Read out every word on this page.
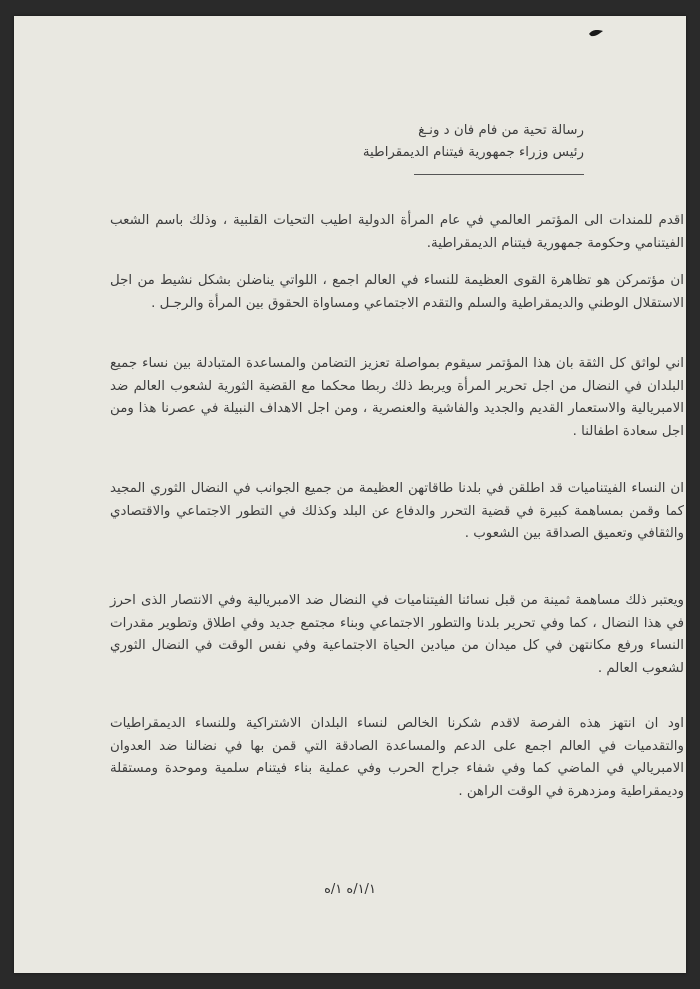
رسالة تحية من فام فان د ونـغ
رئيس وزراء جمهورية فيتنام الديمقراطية

اقدم للمندات الى المؤتمر العالمي في عام المرأة الدولية اطيب التحيات القلبية ، وذلك باسم الشعب الفيتنامي وحكومة جمهورية فيتنام الديمقراطية.

ان مؤتمركن هو تظاهرة القوى العظيمة للنساء في العالم اجمع ، اللواتي يناضلن بشكل نشيط من اجل الاستقلال الوطني والديمقراطية والسلم والتقدم الاجتماعي ومساواة الحقوق بين المرأة والرجـل .

اني لواثق كل الثقة بان هذا المؤتمر سيقوم بمواصلة تعزيز التضامن والمساعدة المتبادلة بين نساء جميع البلدان في النضال من اجل تحرير المرأة ويربط ذلك ربطا محكما مع القضية الثورية لشعوب العالم ضد الامبريالية والاستعمار القديم والجديد والفاشية والعنصرية ، ومن اجل الاهداف النبيلة في عصرنا هذا ومن اجل سعادة اطفالنا .

ان النساء الفيتناميات قد اطلقن في بلدنا طاقاتهن العظيمة من جميع الجوانب في النضال الثوري المجيد كما وقمن بمساهمة كبيرة في قضية التحرر والدفاع عن البلد وكذلك في التطور الاجتماعي والاقتصادي والثقافي وتعميق الصداقة بين الشعوب .

ويعتبر ذلك مساهمة ثمينة من قبل نسائنا الفيتناميات في النضال ضد الامبريالية وفي الانتصار الذى احرز في هذا النضال ، كما وفي تحرير بلدنا والتطور الاجتماعي وبناء مجتمع جديد وفي اطلاق وتطوير مقدرات النساء ورفع مكانتهن في كل ميدان من ميادين الحياة الاجتماعية وفي نفس الوقت في النضال الثوري لشعوب العالم .

اود ان انتهز هذه الفرصة لاقدم شكرنا الخالص لنساء البلدان الاشتراكية وللنساء الديمقراطيات والتقدميات في العالم اجمع على الدعم والمساعدة الصادقة التي قمن بها في نضالنا ضد العدوان الامبريالي في الماضي كما وفي شفاء جراح الحرب وفي عملية بناء فيتنام سلمية وموحدة ومستقلة وديمقراطية ومزدهرة في الوقت الراهن .

١/١/ه ١/ه
